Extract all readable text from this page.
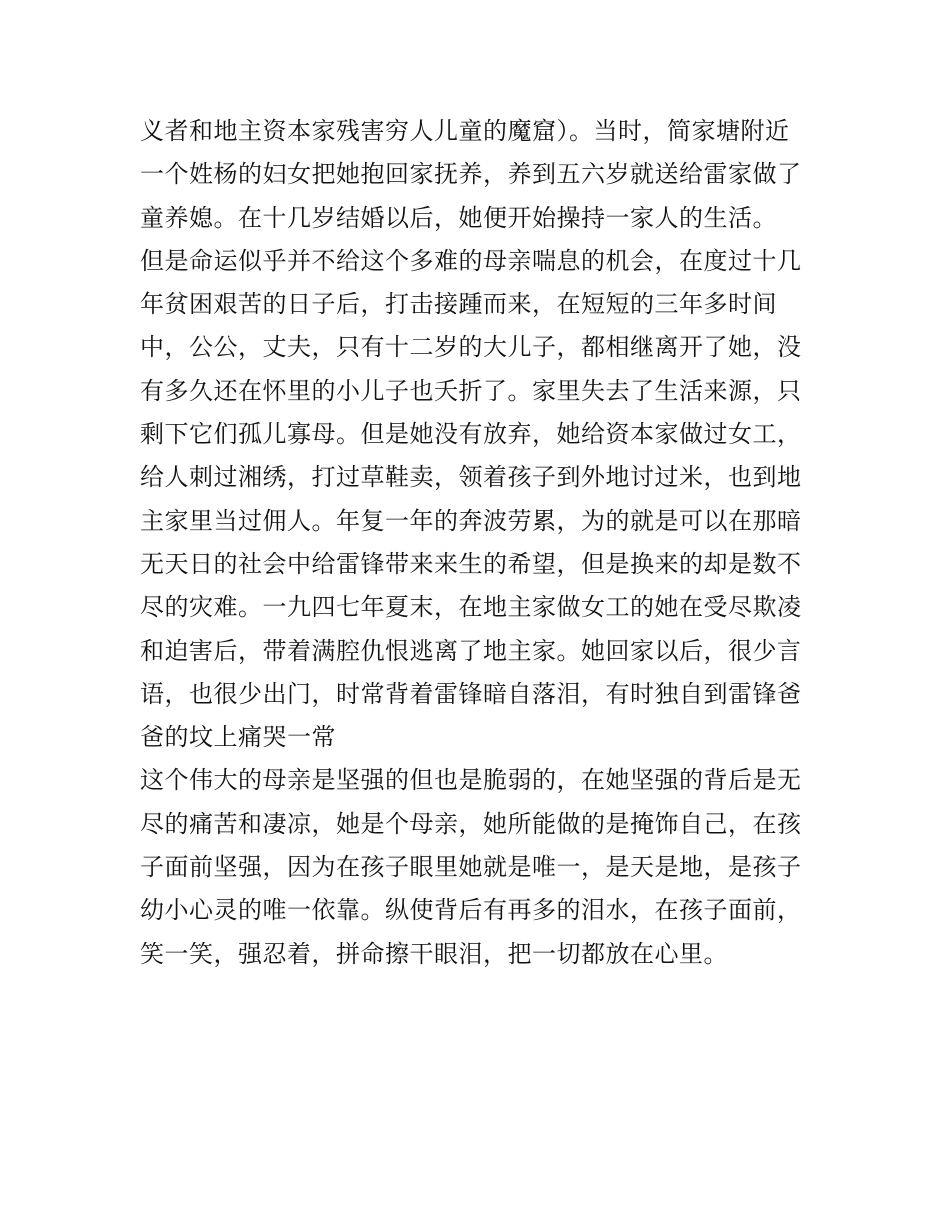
义者和地主资本家残害穷人儿童的魔窟）。当时，简家塘附近
一个姓杨的妇女把她抱回家抚养，养到五六岁就送给雷家做了
童养媳。在十几岁结婚以后，她便开始操持一家人的生活。
但是命运似乎并不给这个多难的母亲喘息的机会，在度过十几
年贫困艰苦的日子后，打击接踵而来，在短短的三年多时间
中，公公，丈夫，只有十二岁的大儿子，都相继离开了她，没
有多久还在怀里的小儿子也夭折了。家里失去了生活来源，只
剩下它们孤儿寡母。但是她没有放弃，她给资本家做过女工，
给人刺过湘绣，打过草鞋卖，领着孩子到外地讨过米，也到地
主家里当过佣人。年复一年的奔波劳累，为的就是可以在那暗
无天日的社会中给雷锋带来来生的希望，但是换来的却是数不
尽的灾难。一九四七年夏末，在地主家做女工的她在受尽欺凌
和迫害后，带着满腔仇恨逃离了地主家。她回家以后，很少言
语，也很少出门，时常背着雷锋暗自落泪，有时独自到雷锋爸
爸的坟上痛哭一常
这个伟大的母亲是坚强的但也是脆弱的，在她坚强的背后是无
尽的痛苦和凄凉，她是个母亲，她所能做的是掩饰自己，在孩
子面前坚强，因为在孩子眼里她就是唯一，是天是地，是孩子
幼小心灵的唯一依靠。纵使背后有再多的泪水，在孩子面前，
笑一笑，强忍着，拼命擦干眼泪，把一切都放在心里。
